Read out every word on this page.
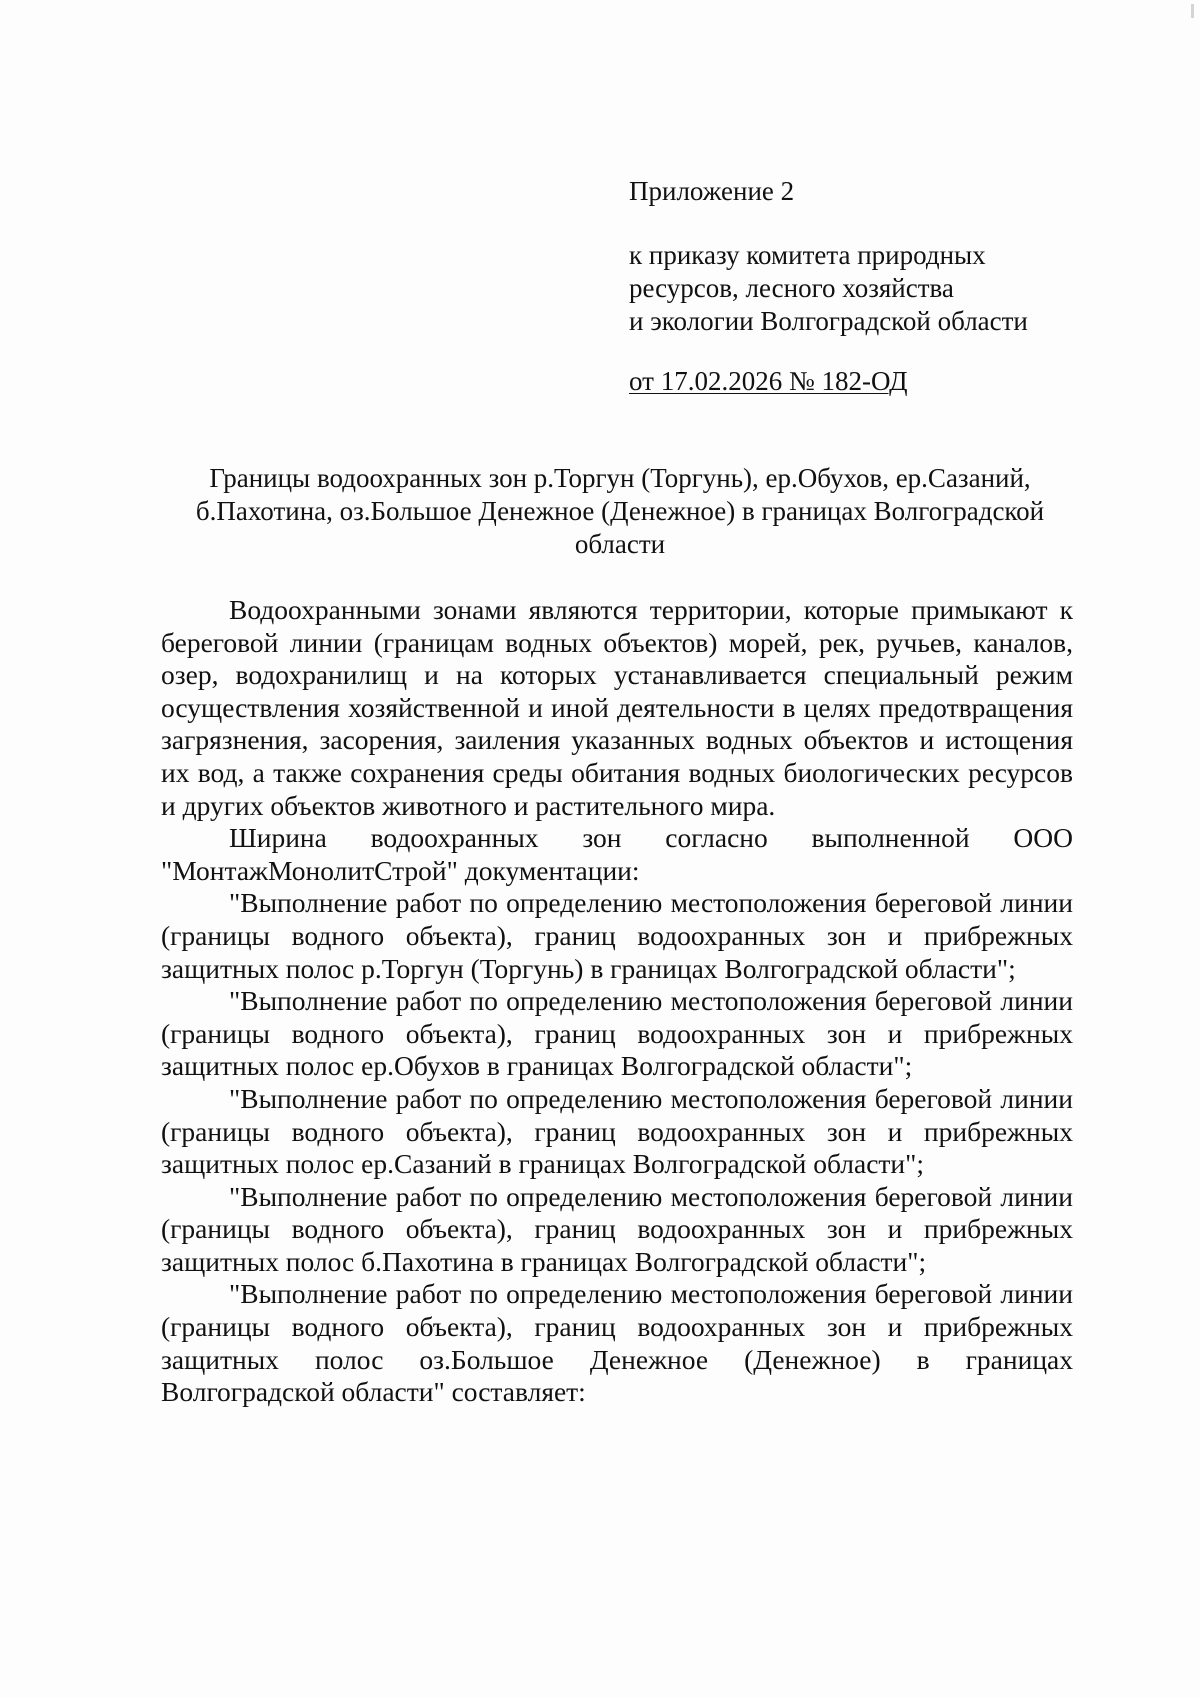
Приложение 2

к приказу комитета природных
ресурсов, лесного хозяйства
и экологии Волгоградской области

от 17.02.2026 № 182-ОД
Границы водоохранных зон р.Торгун (Торгунь), ер.Обухов, ер.Сазаний,
б.Пахотина, оз.Большое Денежное (Денежное) в границах Волгоградской
области

Водоохранными зонами являются территории, которые примыкают к береговой линии (границам водных объектов) морей, рек, ручьев, каналов, озер, водохранилищ и на которых устанавливается специальный режим осуществления хозяйственной и иной деятельности в целях предотвращения загрязнения, засорения, заиления указанных водных объектов и истощения их вод, а также сохранения среды обитания водных биологических ресурсов и других объектов животного и растительного мира.

Ширина водоохранных зон согласно выполненной ООО "МонтажМонолитСтрой" документации:

"Выполнение работ по определению местоположения береговой линии (границы водного объекта), границ водоохранных зон и прибрежных защитных полос р.Торгун (Торгунь) в границах Волгоградской области";

"Выполнение работ по определению местоположения береговой линии (границы водного объекта), границ водоохранных зон и прибрежных защитных полос ер.Обухов в границах Волгоградской области";

"Выполнение работ по определению местоположения береговой линии (границы водного объекта), границ водоохранных зон и прибрежных защитных полос ер.Сазаний в границах Волгоградской области";

"Выполнение работ по определению местоположения береговой линии (границы водного объекта), границ водоохранных зон и прибрежных защитных полос б.Пахотина в границах Волгоградской области";

"Выполнение работ по определению местоположения береговой линии (границы водного объекта), границ водоохранных зон и прибрежных защитных полос оз.Большое Денежное (Денежное) в границах Волгоградской области" составляет:
